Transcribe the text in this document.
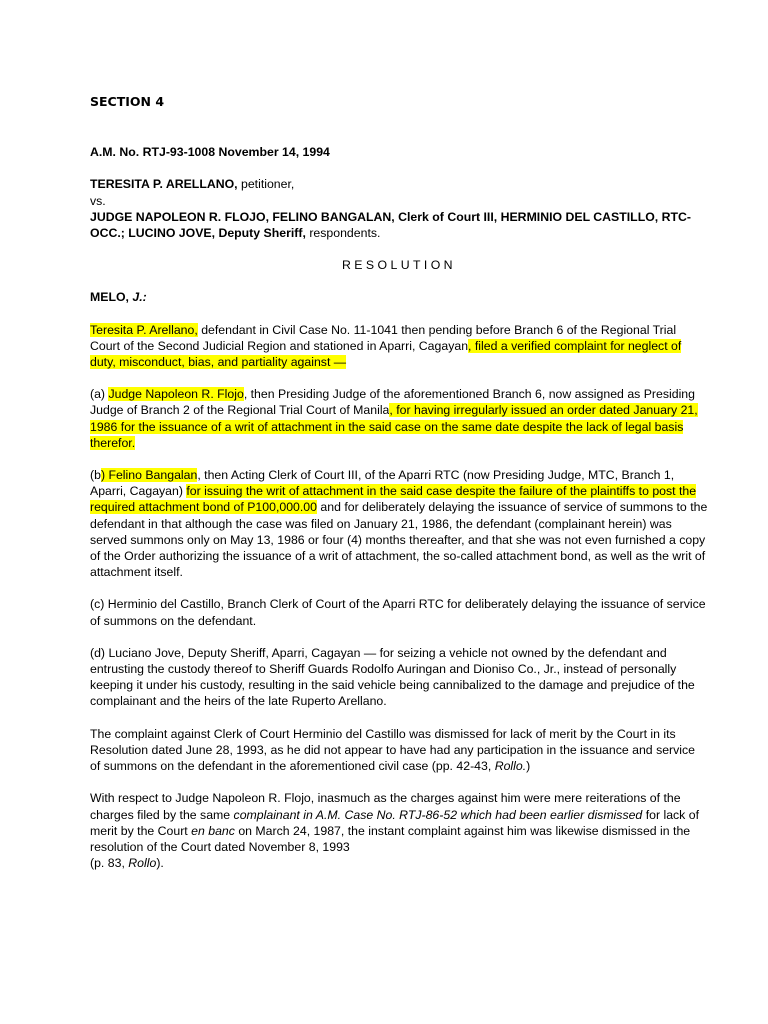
SECTION 4

A.M. No. RTJ-93-1008 November 14, 1994

TERESITA P. ARELLANO, petitioner,

vs.

JUDGE NAPOLEON R. FLOJO, FELINO BANGALAN, Clerk of Court III, HERMINIO DEL CASTILLO, RTC-OCC.; LUCINO JOVE, Deputy Sheriff, respondents.

RESOLUTION

MELO, J.:

Teresita P. Arellano, defendant in Civil Case No. 11-1041 then pending before Branch 6 of the Regional Trial Court of the Second Judicial Region and stationed in Aparri, Cagayan, filed a verified complaint for neglect of duty, misconduct, bias, and partiality against —

(a) Judge Napoleon R. Flojo, then Presiding Judge of the aforementioned Branch 6, now assigned as Presiding Judge of Branch 2 of the Regional Trial Court of Manila, for having irregularly issued an order dated January 21, 1986 for the issuance of a writ of attachment in the said case on the same date despite the lack of legal basis therefor.

(b) Felino Bangalan, then Acting Clerk of Court III, of the Aparri RTC (now Presiding Judge, MTC, Branch 1, Aparri, Cagayan) for issuing the writ of attachment in the said case despite the failure of the plaintiffs to post the required attachment bond of P100,000.00 and for deliberately delaying the issuance of service of summons to the defendant in that although the case was filed on January 21, 1986, the defendant (complainant herein) was served summons only on May 13, 1986 or four (4) months thereafter, and that she was not even furnished a copy of the Order authorizing the issuance of a writ of attachment, the so-called attachment bond, as well as the writ of attachment itself.

(c) Herminio del Castillo, Branch Clerk of Court of the Aparri RTC for deliberately delaying the issuance of service of summons on the defendant.

(d) Luciano Jove, Deputy Sheriff, Aparri, Cagayan — for seizing a vehicle not owned by the defendant and entrusting the custody thereof to Sheriff Guards Rodolfo Auringan and Dioniso Co., Jr., instead of personally keeping it under his custody, resulting in the said vehicle being cannibalized to the damage and prejudice of the complainant and the heirs of the late Ruperto Arellano.

The complaint against Clerk of Court Herminio del Castillo was dismissed for lack of merit by the Court in its Resolution dated June 28, 1993, as he did not appear to have had any participation in the issuance and service of summons on the defendant in the aforementioned civil case (pp. 42-43, Rollo.)

With respect to Judge Napoleon R. Flojo, inasmuch as the charges against him were mere reiterations of the charges filed by the same complainant in A.M. Case No. RTJ-86-52 which had been earlier dismissed for lack of merit by the Court en banc on March 24, 1987, the instant complaint against him was likewise dismissed in the resolution of the Court dated November 8, 1993
(p. 83, Rollo).
